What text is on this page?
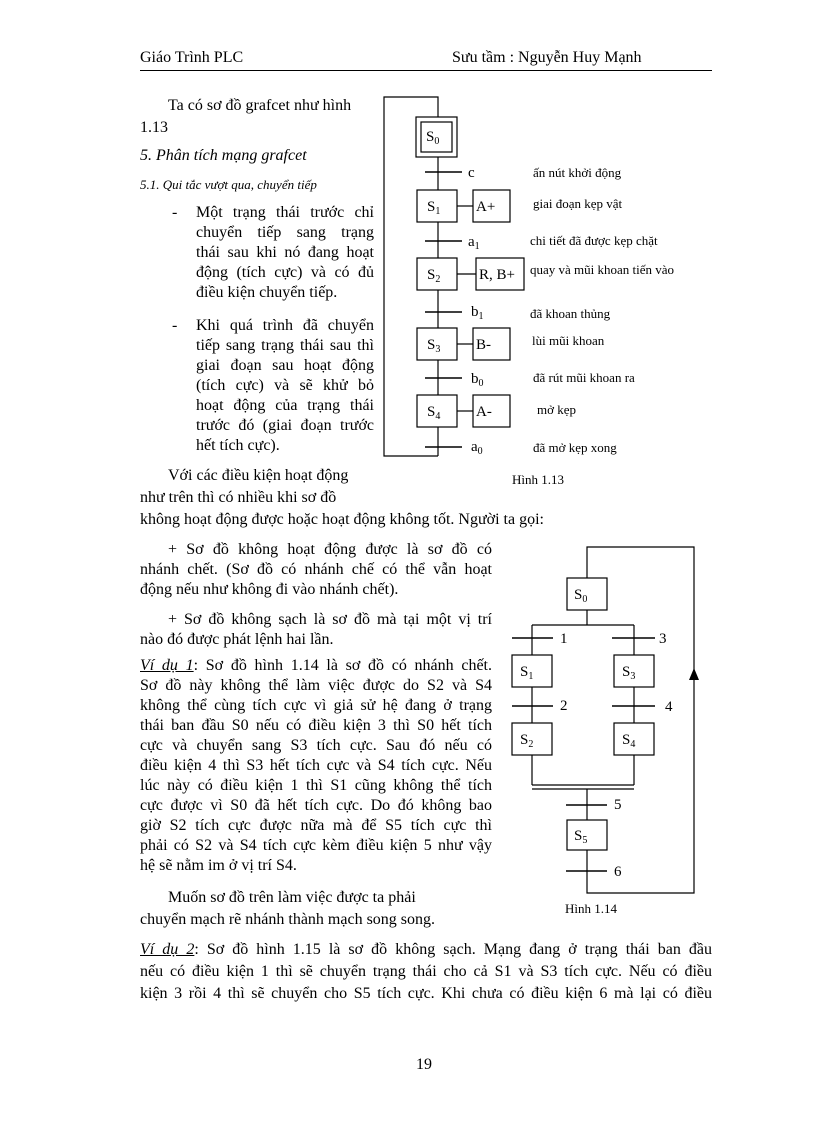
Giáo Trình PLC	Sưu tầm : Nguyễn Huy Mạnh
Ta có sơ đồ grafcet như hình
1.13
5. Phân tích mạng grafcet
5.1. Qui tắc vượt qua, chuyển tiếp
- Một trạng thái trước chỉ
chuyển tiếp sang trạng
thái sau khi nó đang hoạt
động (tích cực) và có đủ
điều kiện chuyển tiếp.
- Khi quá trình đã chuyển
tiếp sang trạng thái sau thì
giai đoạn sau hoạt động
(tích cực) và sẽ khử bỏ
hoạt động của trạng thái
trước đó (giai đoạn trước
hết tích cực).
Với các điều kiện hoạt động
như trên thì có nhiều khi sơ đồ
không hoạt động được hoặc hoạt động không tốt. Người ta gọi:
+ Sơ đồ không hoạt động được là sơ đồ có
nhánh chết. (Sơ đồ có nhánh chế có thể vẫn hoạt
động nếu như không đi vào nhánh chết).
+ Sơ đồ không sạch là sơ đồ mà tại một vị trí
nào đó được phát lệnh hai lần.
Ví dụ 1: Sơ đồ hình 1.14 là sơ đồ có nhánh chết.
Sơ đồ này không thể làm việc được do S2 và S4
không thể cùng tích cực vì giả sử hệ đang ở trạng
thái ban đầu S0 nếu có điều kiện 3 thì S0 hết tích
cực và chuyển sang S3 tích cực. Sau đó nếu có
điều kiện 4 thì S3 hết tích cực và S4 tích cực. Nếu
lúc này có điều kiện 1 thì S1 cũng không thể tích
cực được vì S0 đã hết tích cực. Do đó không bao
giờ S2 tích cực được nữa mà để S5 tích cực thì
phải có S2 và S4 tích cực kèm điều kiện 5 như vậy
hệ sẽ nằm im ở vị trí S4.
Muốn sơ đồ trên làm việc được ta phải
chuyển mạch rẽ nhánh thành mạch song song.
Ví dụ 2: Sơ đồ hình 1.15 là sơ đồ không sạch. Mạng đang ở trạng thái ban đầu
nếu có điều kiện 1 thì sẽ chuyển trạng thái cho cả S1 và S3 tích cực. Nếu có điều
kiện 3 rồi 4 thì sẽ chuyển cho S5 tích cực. Khi chưa có điều kiện 6 mà lại có điều
$S_0$
$S_1$
$S_2$
$S_3$
$S_4$
A+
R, B+
B-
A-
c
$a_1$
$b_1$
$b_0$
$a_0$
ấn nút khởi động
giai đoạn kẹp vật
chi tiết đã được kẹp chặt
quay và mũi khoan tiến vào
đã khoan thủng
lùi mũi khoan
đã rút mũi khoan ra
mở kẹp
đã mở kẹp xong
Hình 1.13
$S_0$
$S_1$
$S_2$
$S_3$
$S_4$
$S_5$
1
2
3
4
5
6
Hình 1.14
19
